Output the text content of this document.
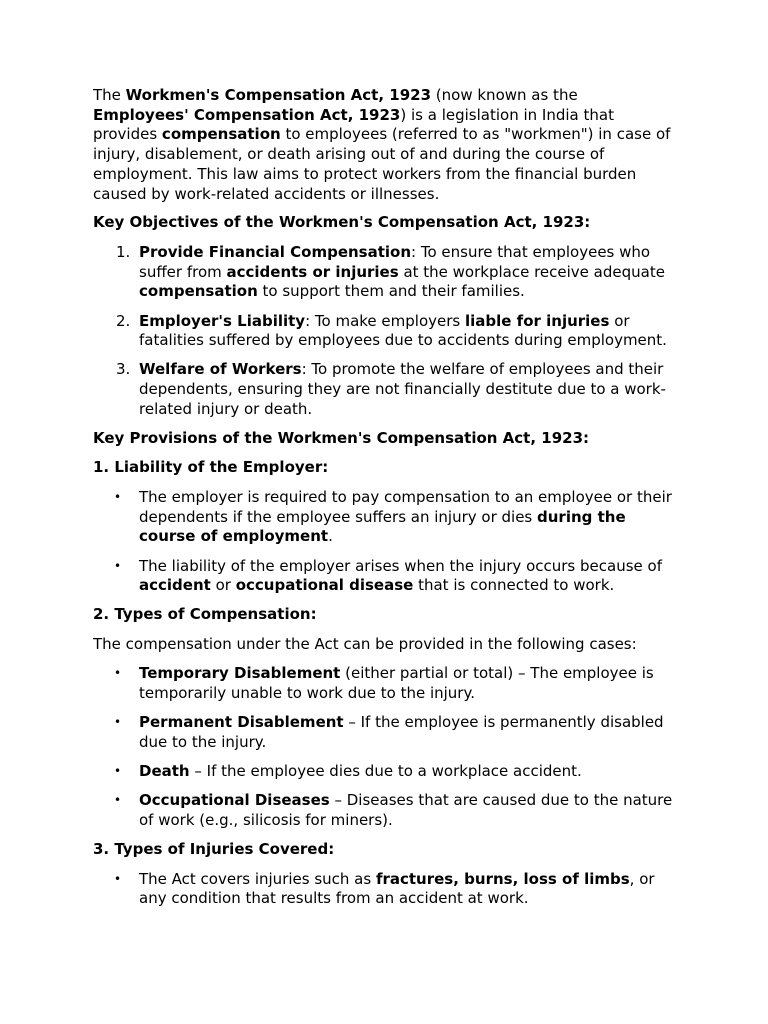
The Workmen's Compensation Act, 1923 (now known as the Employees' Compensation Act, 1923) is a legislation in India that provides compensation to employees (referred to as "workmen") in case of injury, disablement, or death arising out of and during the course of employment. This law aims to protect workers from the financial burden caused by work-related accidents or illnesses.

Key Objectives of the Workmen's Compensation Act, 1923:

1. Provide Financial Compensation: To ensure that employees who suffer from accidents or injuries at the workplace receive adequate compensation to support them and their families.
2. Employer's Liability: To make employers liable for injuries or fatalities suffered by employees due to accidents during employment.
3. Welfare of Workers: To promote the welfare of employees and their dependents, ensuring they are not financially destitute due to a work-related injury or death.

Key Provisions of the Workmen's Compensation Act, 1923:

1. Liability of the Employer:

• The employer is required to pay compensation to an employee or their dependents if the employee suffers an injury or dies during the course of employment.
• The liability of the employer arises when the injury occurs because of accident or occupational disease that is connected to work.

2. Types of Compensation:

The compensation under the Act can be provided in the following cases:

• Temporary Disablement (either partial or total) – The employee is temporarily unable to work due to the injury.
• Permanent Disablement – If the employee is permanently disabled due to the injury.
• Death – If the employee dies due to a workplace accident.
• Occupational Diseases – Diseases that are caused due to the nature of work (e.g., silicosis for miners).

3. Types of Injuries Covered:

• The Act covers injuries such as fractures, burns, loss of limbs, or any condition that results from an accident at work.
